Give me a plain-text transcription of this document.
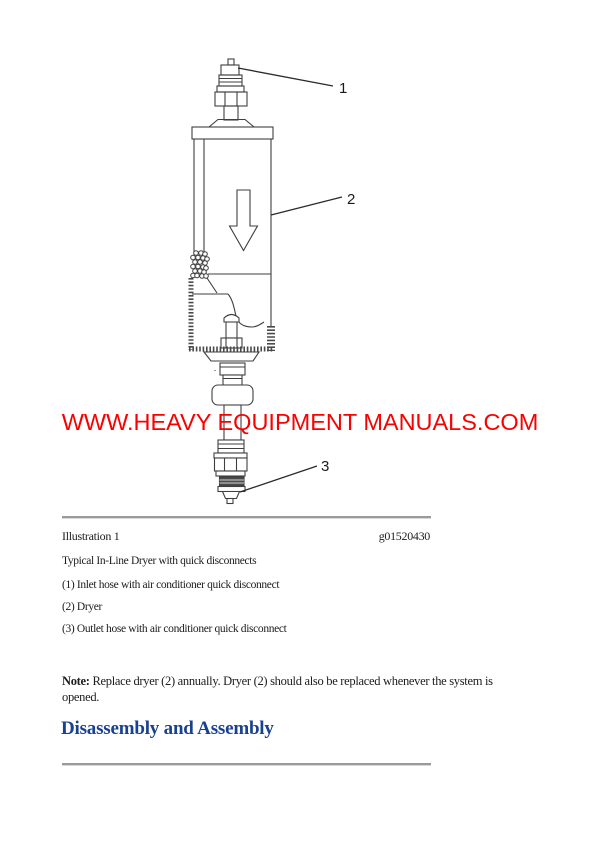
1
2
3
WWW.HEAVY EQUIPMENT MANUALS.COM
Illustration 1	g01520430
Typical In-Line Dryer with quick disconnects
(1) Inlet hose with air conditioner quick disconnect
(2) Dryer
(3) Outlet hose with air conditioner quick disconnect

Note: Replace dryer (2) annually. Dryer (2) should also be replaced whenever the system is opened.

Disassembly and Assembly
